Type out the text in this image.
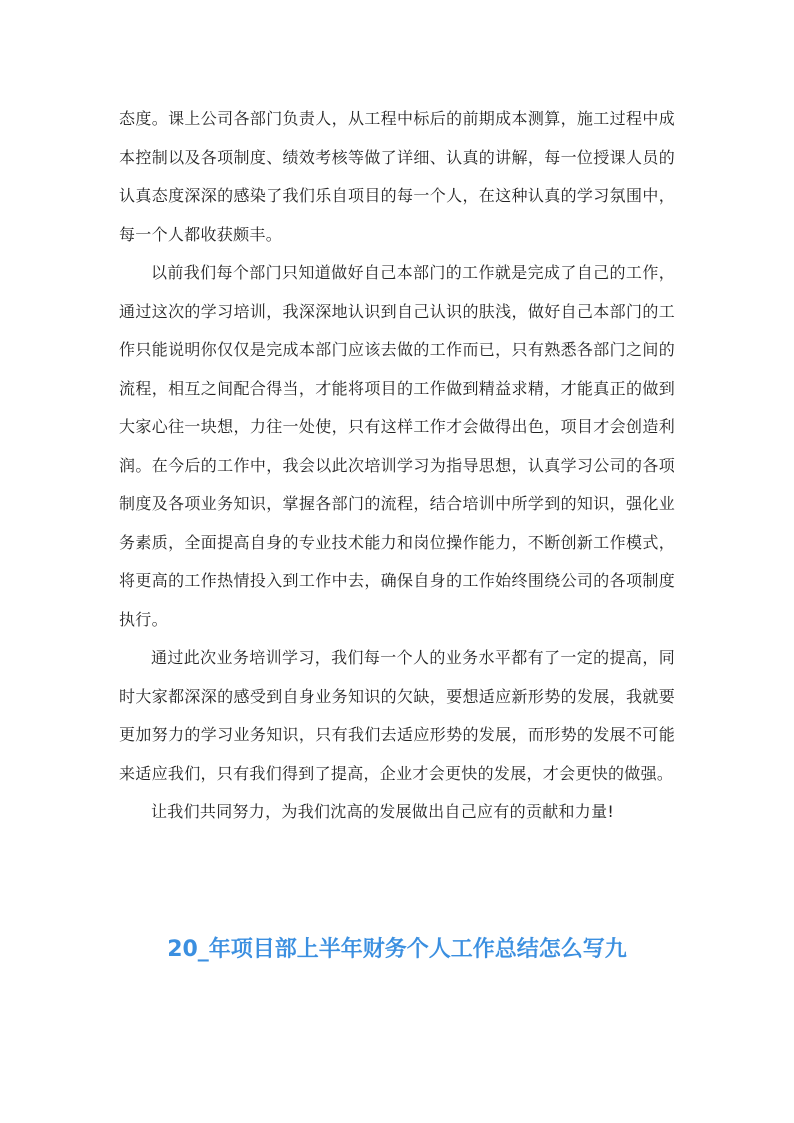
态度。课上公司各部门负责人，从工程中标后的前期成本测算，施工过程中成本控制以及各项制度、绩效考核等做了详细、认真的讲解，每一位授课人员的认真态度深深的感染了我们乐自项目的每一个人，在这种认真的学习氛围中，每一个人都收获颇丰。

以前我们每个部门只知道做好自己本部门的工作就是完成了自己的工作，通过这次的学习培训，我深深地认识到自己认识的肤浅，做好自己本部门的工作只能说明你仅仅是完成本部门应该去做的工作而已，只有熟悉各部门之间的流程，相互之间配合得当，才能将项目的工作做到精益求精，才能真正的做到大家心往一块想，力往一处使，只有这样工作才会做得出色，项目才会创造利润。在今后的工作中，我会以此次培训学习为指导思想，认真学习公司的各项制度及各项业务知识，掌握各部门的流程，结合培训中所学到的知识，强化业务素质，全面提高自身的专业技术能力和岗位操作能力，不断创新工作模式，将更高的工作热情投入到工作中去，确保自身的工作始终围绕公司的各项制度执行。

通过此次业务培训学习，我们每一个人的业务水平都有了一定的提高，同时大家都深深的感受到自身业务知识的欠缺，要想适应新形势的发展，我就要更加努力的学习业务知识，只有我们去适应形势的发展，而形势的发展不可能来适应我们，只有我们得到了提高，企业才会更快的发展，才会更快的做强。

让我们共同努力，为我们沈高的发展做出自己应有的贡献和力量!

20_年项目部上半年财务个人工作总结怎么写九
